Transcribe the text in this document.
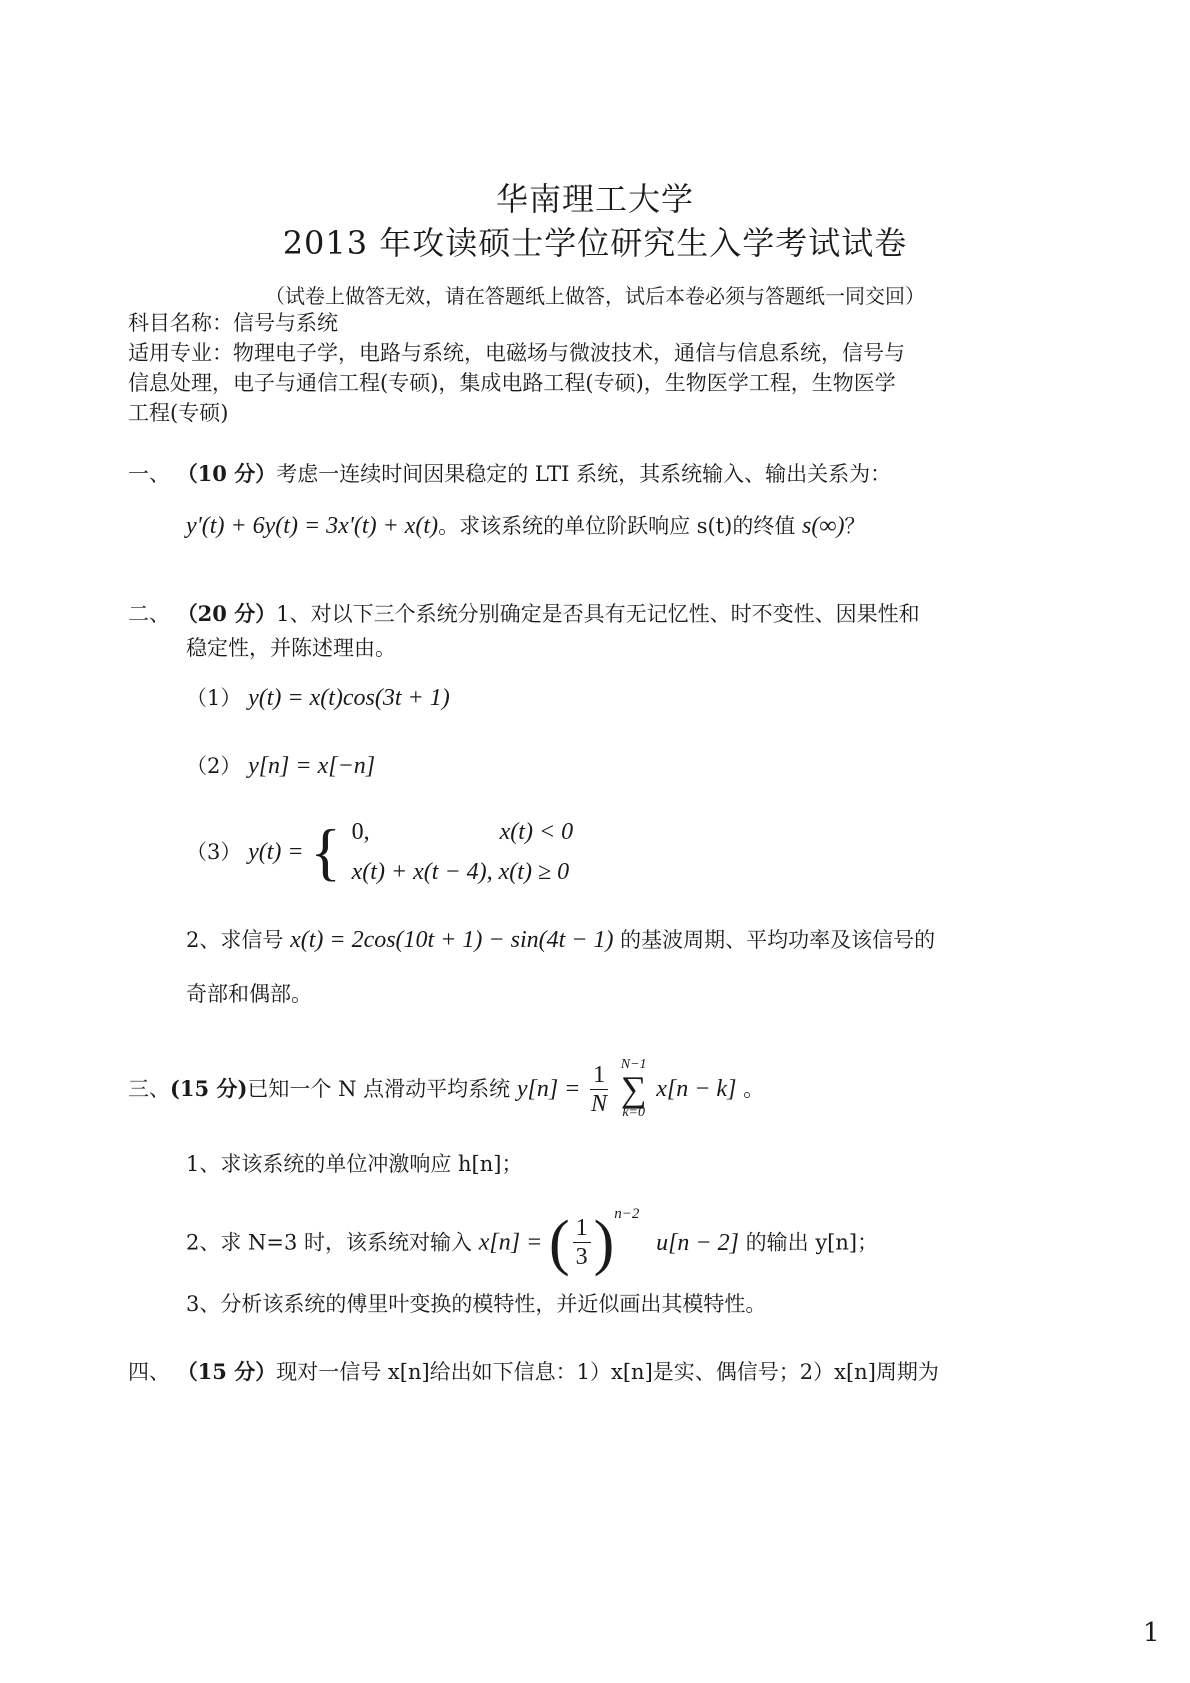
华南理工大学
2013 年攻读硕士学位研究生入学考试试卷
（试卷上做答无效，请在答题纸上做答，试后本卷必须与答题纸一同交回）
科目名称：信号与系统
适用专业：物理电子学，电路与系统，电磁场与微波技术，通信与信息系统，信号与
信息处理，电子与通信工程(专硕)，集成电路工程(专硕)，生物医学工程，生物医学
工程(专硕)
一、 （10 分）考虑一连续时间因果稳定的 LTI 系统，其系统输入、输出关系为：
y'(t) + 6y(t) = 3x'(t) + x(t)。求该系统的单位阶跃响应 s(t)的终值 s(∞)？
二、 （20 分）1、对以下三个系统分别确定是否具有无记忆性、时不变性、因果性和
稳定性，并陈述理由。
（1） y(t) = x(t)cos(3t + 1)
（2） y[n] = x[−n]
（3） y(t) = { 0,	x(t) < 0
x(t) + x(t − 4), x(t) ≥ 0
2、求信号 x(t) = 2cos(10t + 1) − sin(4t − 1) 的基波周期、平均功率及该信号的
奇部和偶部。
三、(15 分)已知一个 N 点滑动平均系统 $y[n] = \frac{1}{N}$
N−1
∑
k=0
x[n − k] 。
1、求该系统的单位冲激响应 h[n]；
2、求 N=3 时，该系统对输入 x[n] = ( $\frac{1}{3} )^{n-2}$ u[n − 2] 的输出 y[n]；
3、分析该系统的傅里叶变换的模特性，并近似画出其模特性。
四、 （15 分）现对一信号 x[n]给出如下信息：1）x[n]是实、偶信号；2）x[n]周期为
1
